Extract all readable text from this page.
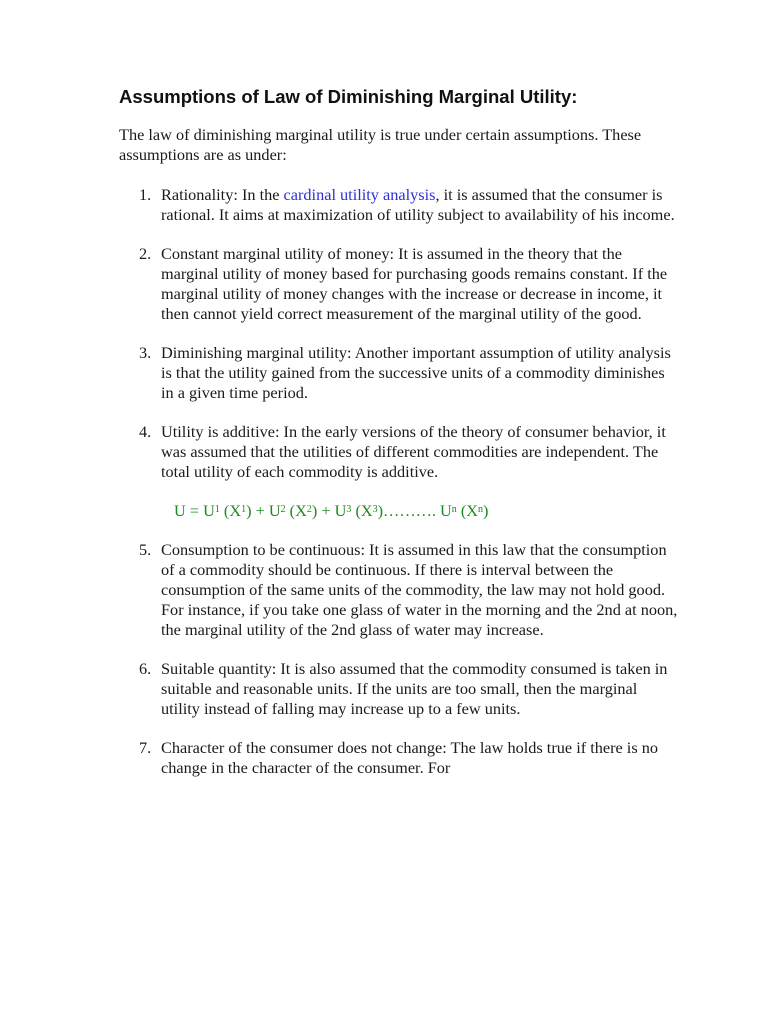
Assumptions of Law of Diminishing Marginal Utility:

The law of diminishing marginal utility is true under certain assumptions. These assumptions are as under:

1. Rationality: In the cardinal utility analysis, it is assumed that the consumer is rational. It aims at maximization of utility subject to availability of his income.
2. Constant marginal utility of money: It is assumed in the theory that the marginal utility of money based for purchasing goods remains constant. If the marginal utility of money changes with the increase or decrease in income, it then cannot yield correct measurement of the marginal utility of the good.
3. Diminishing marginal utility: Another important assumption of utility analysis is that the utility gained from the successive units of a commodity diminishes in a given time period.
4. Utility is additive: In the early versions of the theory of consumer behavior, it was assumed that the utilities of different commodities are independent. The total utility of each commodity is additive.
$U = U^1$ $(X^1) + U^2$ $(X^2) + U^3$ $(X^3)\dots\dots\dots$. $U^n$ $(X^n)$
5. Consumption to be continuous: It is assumed in this law that the consumption of a commodity should be continuous. If there is interval between the consumption of the same units of the commodity, the law may not hold good. For instance, if you take one glass of water in the morning and the 2nd at noon, the marginal utility of the 2nd glass of water may increase.
6. Suitable quantity: It is also assumed that the commodity consumed is taken in suitable and reasonable units. If the units are too small, then the marginal utility instead of falling may increase up to a few units.
7. Character of the consumer does not change: The law holds true if there is no change in the character of the consumer. For
